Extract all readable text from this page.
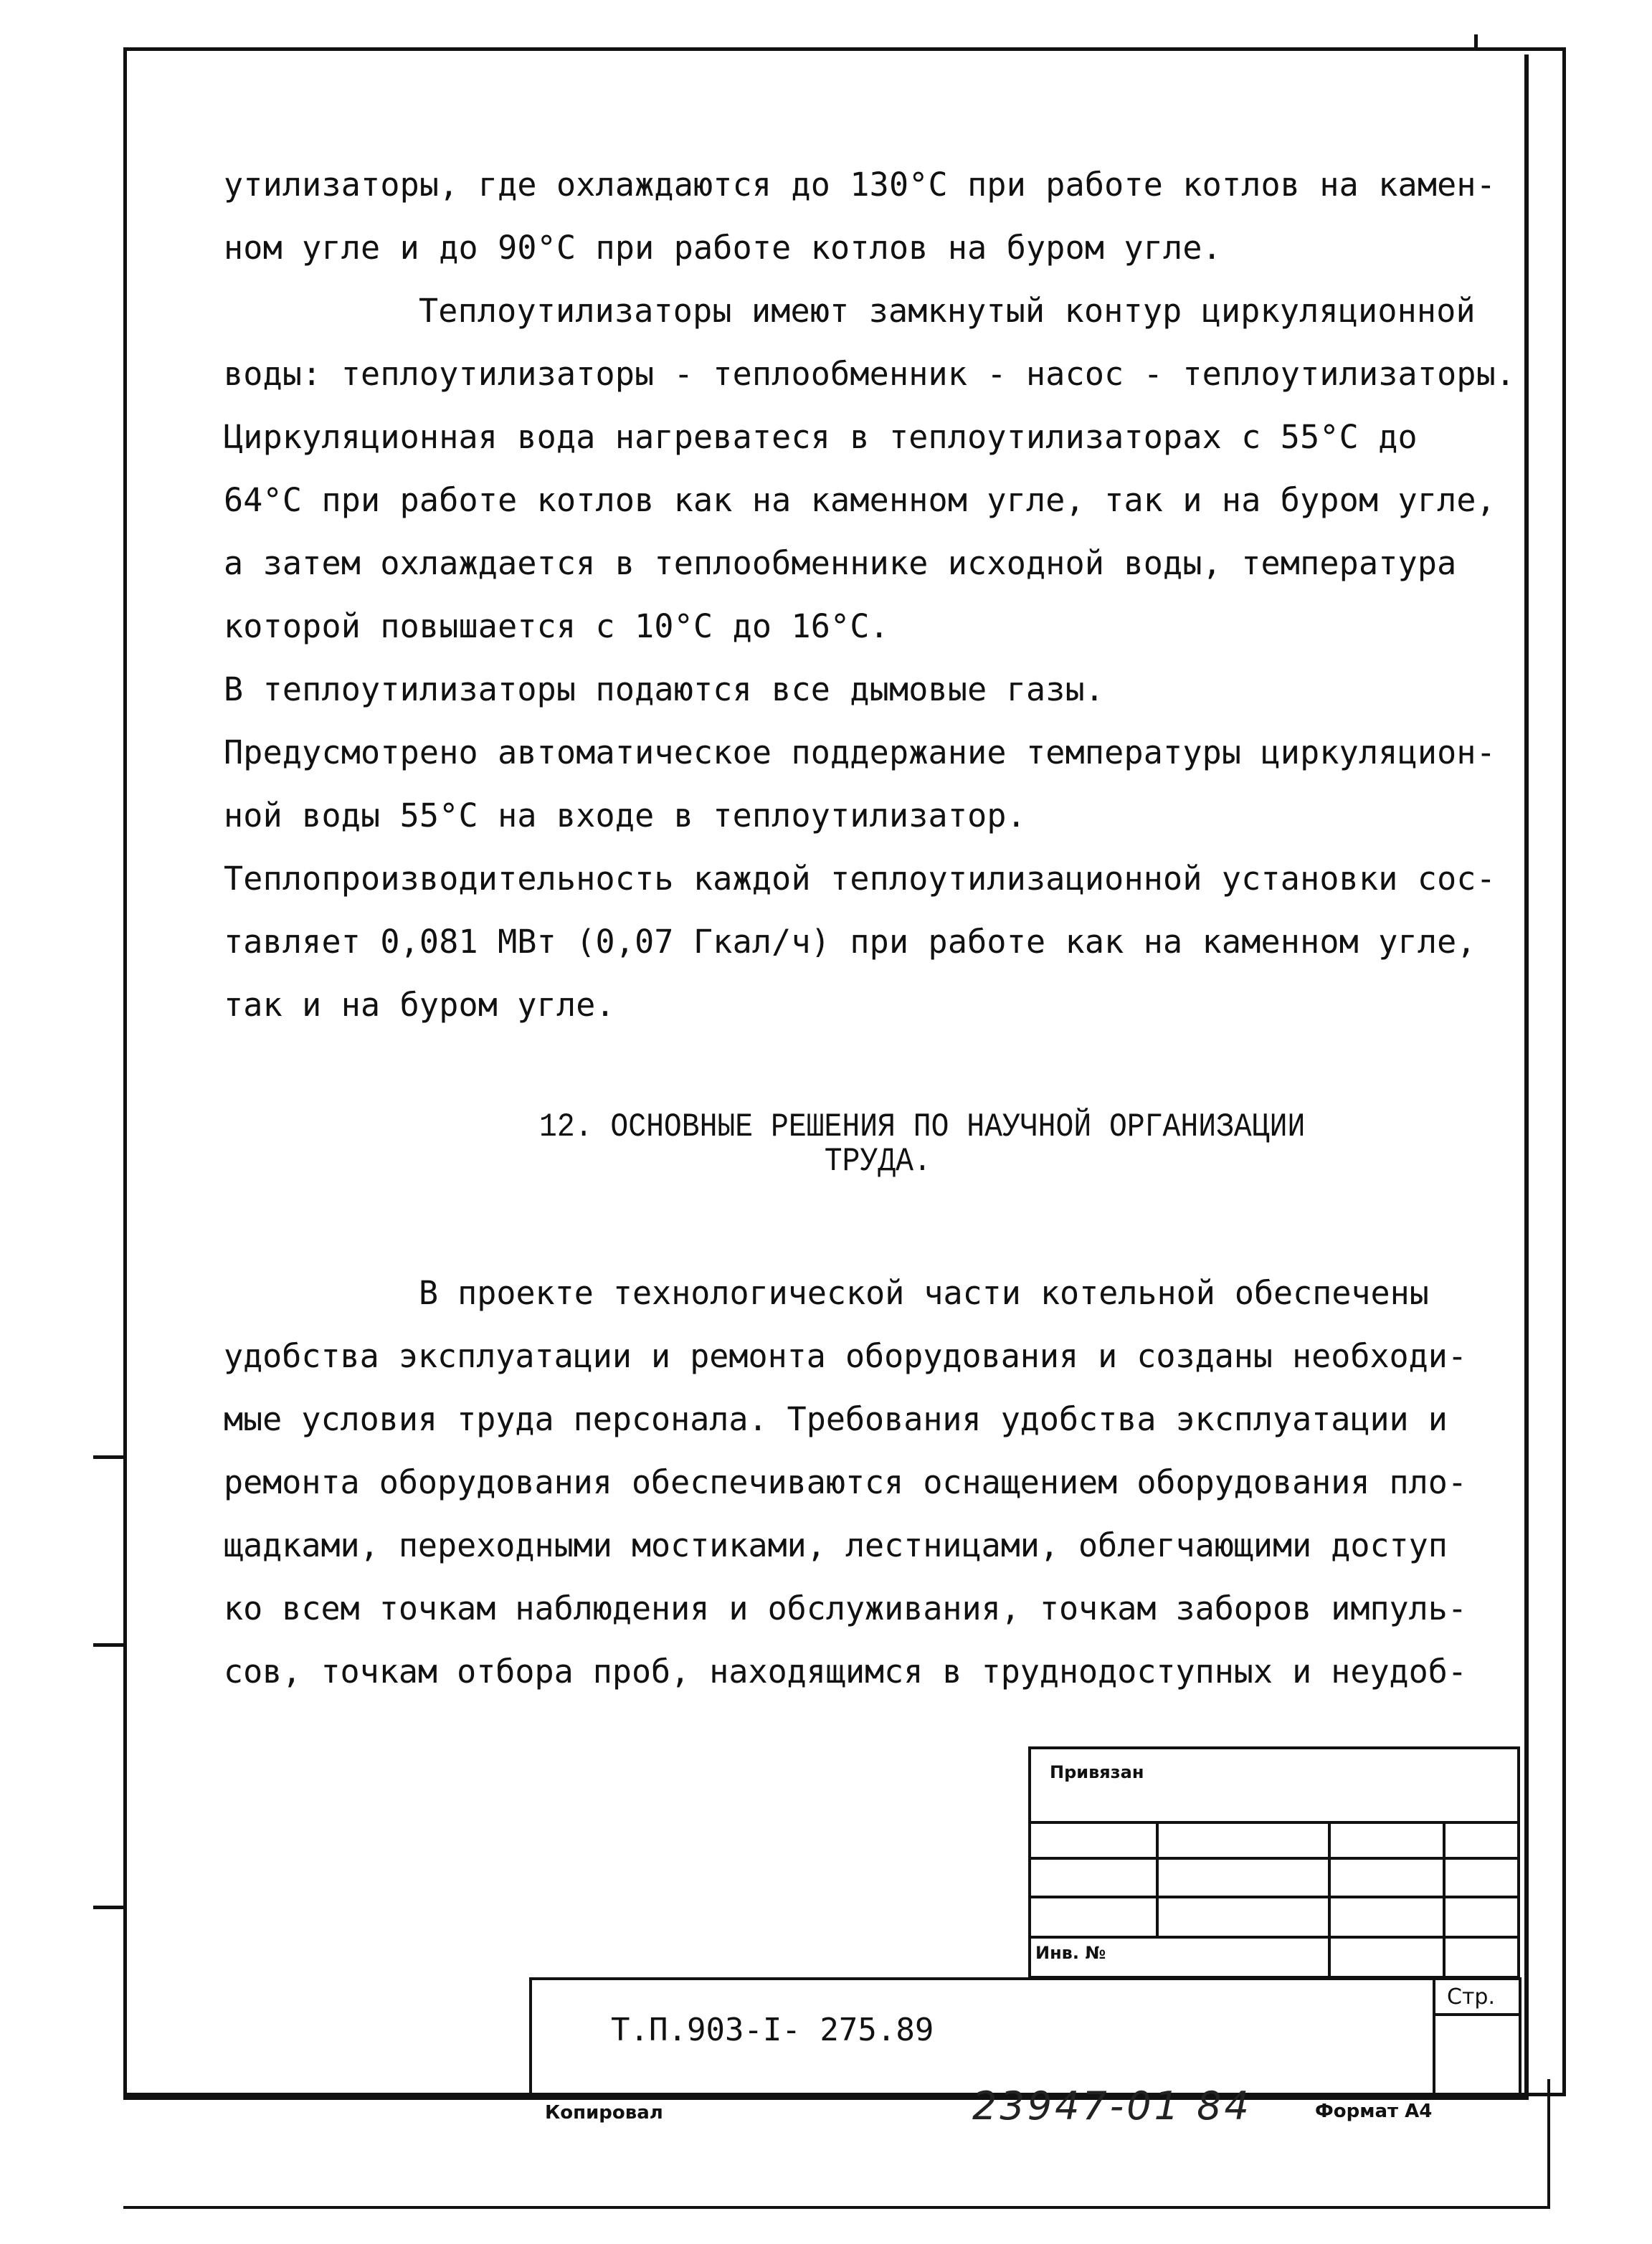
утилизаторы, где охлаждаются до 130°С при работе котлов на камен-

ном угле и до 90°С при работе котлов на буром угле.

Теплоутилизаторы имеют замкнутый контур циркуляционной

воды: теплоутилизаторы - теплообменник - насос - теплоутилизаторы.

Циркуляционная вода нагреватеся в теплоутилизаторах с 55°С до

64°С при работе котлов как на каменном угле, так и на буром угле,

а затем охлаждается в теплообменнике исходной воды, температура

которой повышается с 10°С до 16°С.

В теплоутилизаторы подаются все дымовые газы.

Предусмотрено автоматическое поддержание температуры циркуляцион-

ной воды 55°С на входе в теплоутилизатор.

Теплопроизводительность каждой теплоутилизационной установки сос-

тавляет 0,081 МВт (0,07 Гкал/ч) при работе как на каменном угле,

так и на буром угле.

12. ОСНОВНЫЕ РЕШЕНИЯ ПО НАУЧНОЙ ОРГАНИЗАЦИИ
ТРУДА.

В проекте технологической части котельной обеспечены

удобства эксплуатации и ремонта оборудования и созданы необходи-

мые условия труда персонала. Требования удобства эксплуатации и

ремонта оборудования обеспечиваются оснащением оборудования пло-

щадками, переходными мостиками, лестницами, облегчающими доступ

ко всем точкам наблюдения и обслуживания, точкам заборов импуль-

сов, точкам отбора проб, находящимся в труднодоступных и неудоб-

Привязан
Инв. №
Т.П.903-I- 275.89
Стр.
Копировал	23947-01 84	Формат А4
